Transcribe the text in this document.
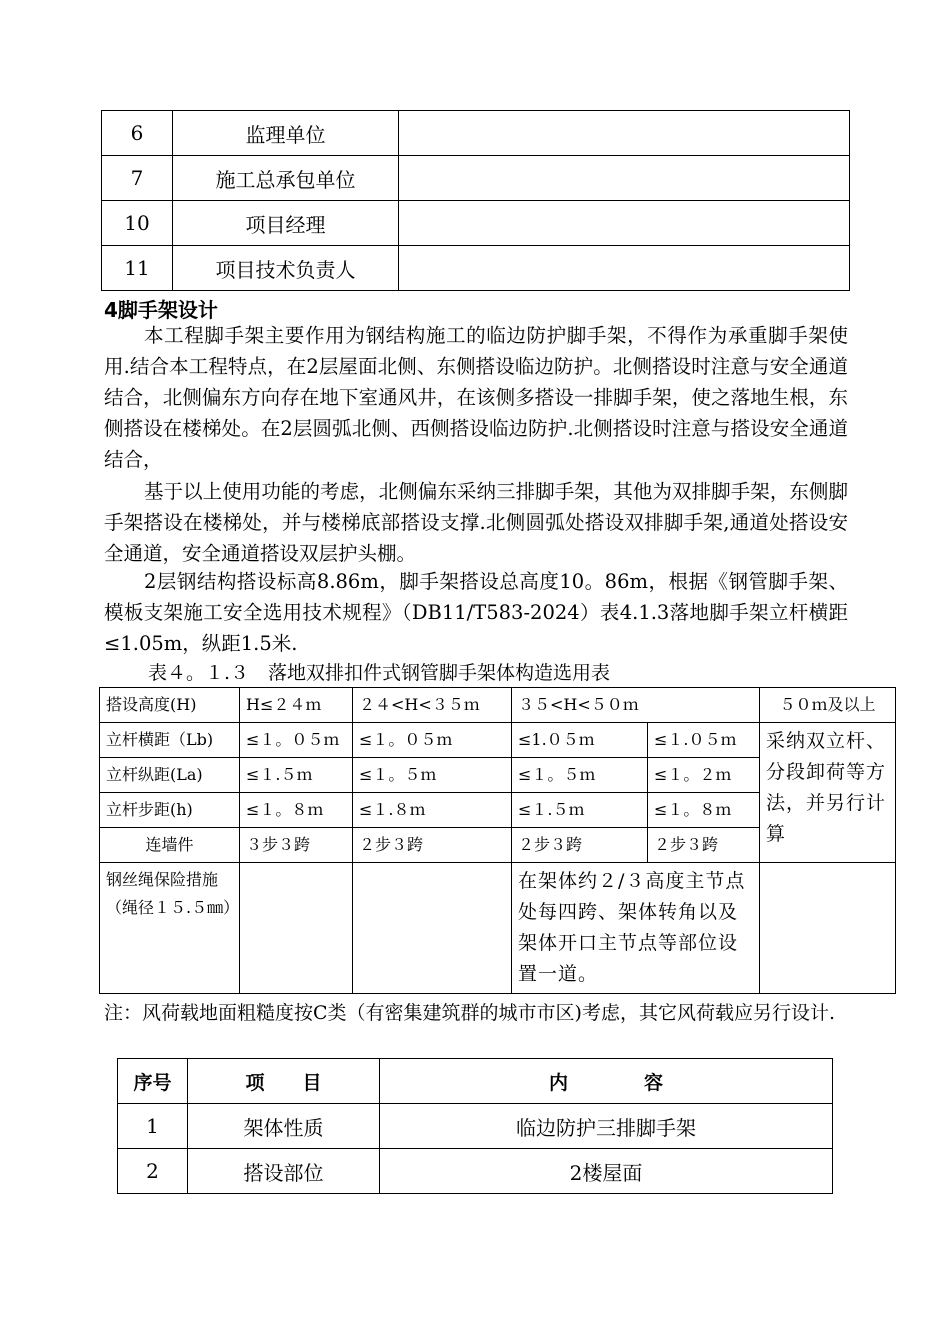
6	监理单位	
7	施工总承包单位	
10	项目经理	
11	项目技术负责人	
4脚手架设计
本工程脚手架主要作用为钢结构施工的临边防护脚手架，不得作为承重脚手架使用.结合本工程特点，在2层屋面北侧、东侧搭设临边防护。北侧搭设时注意与安全通道结合，北侧偏东方向存在地下室通风井，在该侧多搭设一排脚手架，使之落地生根，东侧搭设在楼梯处。在2层圆弧北侧、西侧搭设临边防护.北侧搭设时注意与搭设安全通道结合，
基于以上使用功能的考虑，北侧偏东采纳三排脚手架，其他为双排脚手架，东侧脚手架搭设在楼梯处，并与楼梯底部搭设支撑.北侧圆弧处搭设双排脚手架,通道处搭设安全通道，安全通道搭设双层护头棚。
2层钢结构搭设标高8.86m，脚手架搭设总高度10。86m，根据《钢管脚手架、模板支架施工安全选用技术规程》（DB11/T583-2024）表4.1.3落地脚手架立杆横距≤1.05m，纵距1.5米.
表４。１.３　落地双排扣件式钢管脚手架体构造选用表
搭设高度(H)	H≤２４ｍ	２４<H<３５ｍ	３５<H<５０ｍ		５０ｍ及以上
立杆横距（Lb)	≤１。０５ｍ	≤１。０５ｍ	≤1.０５ｍ	≤１.０５ｍ	采纳双立杆、分段卸荷等方法，并另行计算
立杆纵距(La)	≤１.５ｍ	≤１。５ｍ	≤１。５ｍ	≤１。２ｍ	
立杆步距(h)	≤１。８ｍ	≤１.８ｍ	≤１.５ｍ	≤１。８ｍ	
连墙件	３步３跨	２步３跨	２步３跨	２步３跨	
钢丝绳保险措施（绳径１５.５㎜）			在架体约２/３高度主节点处每四跨、架体转角以及架体开口主节点等部位设置一道。		
注：风荷载地面粗糙度按C类（有密集建筑群的城市市区)考虑，其它风荷载应另行设计.
序号	项　　目	内　　　　容
1	架体性质	临边防护三排脚手架
2	搭设部位	2楼屋面
